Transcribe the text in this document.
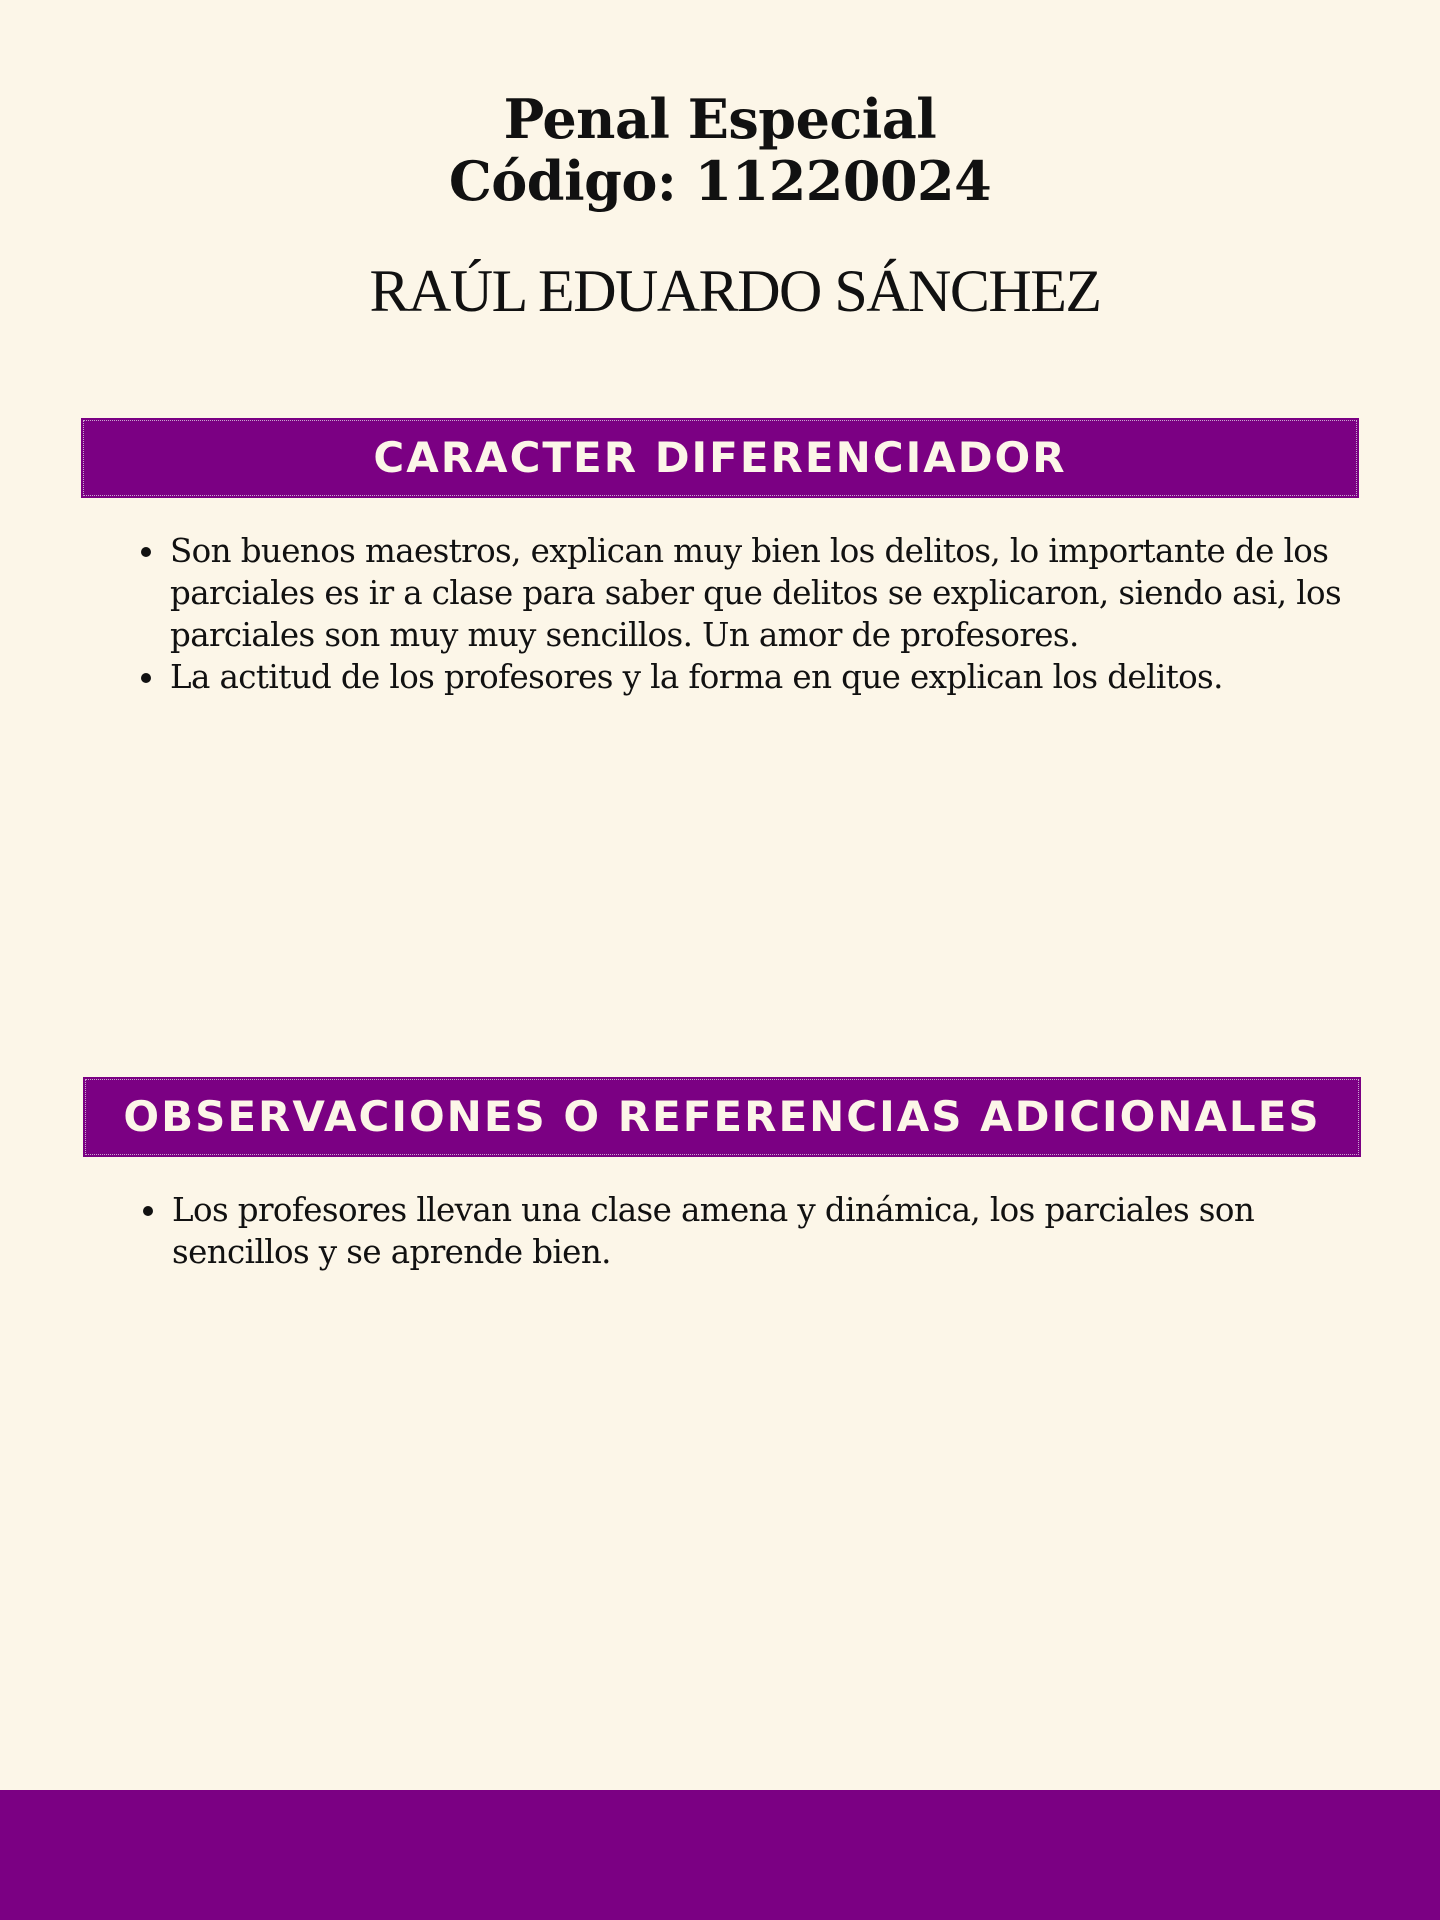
Penal Especial
Código: 11220024
RAÚL EDUARDO SÁNCHEZ
CARACTER DIFERENCIADOR
• Son buenos maestros, explican muy bien los delitos, lo importante de los parciales es ir a clase para saber que delitos se explicaron, siendo asi, los parciales son muy muy sencillos. Un amor de profesores.
• La actitud de los profesores y la forma en que explican los delitos.
OBSERVACIONES O REFERENCIAS ADICIONALES
• Los profesores llevan una clase amena y dinámica, los parciales son sencillos y se aprende bien.
